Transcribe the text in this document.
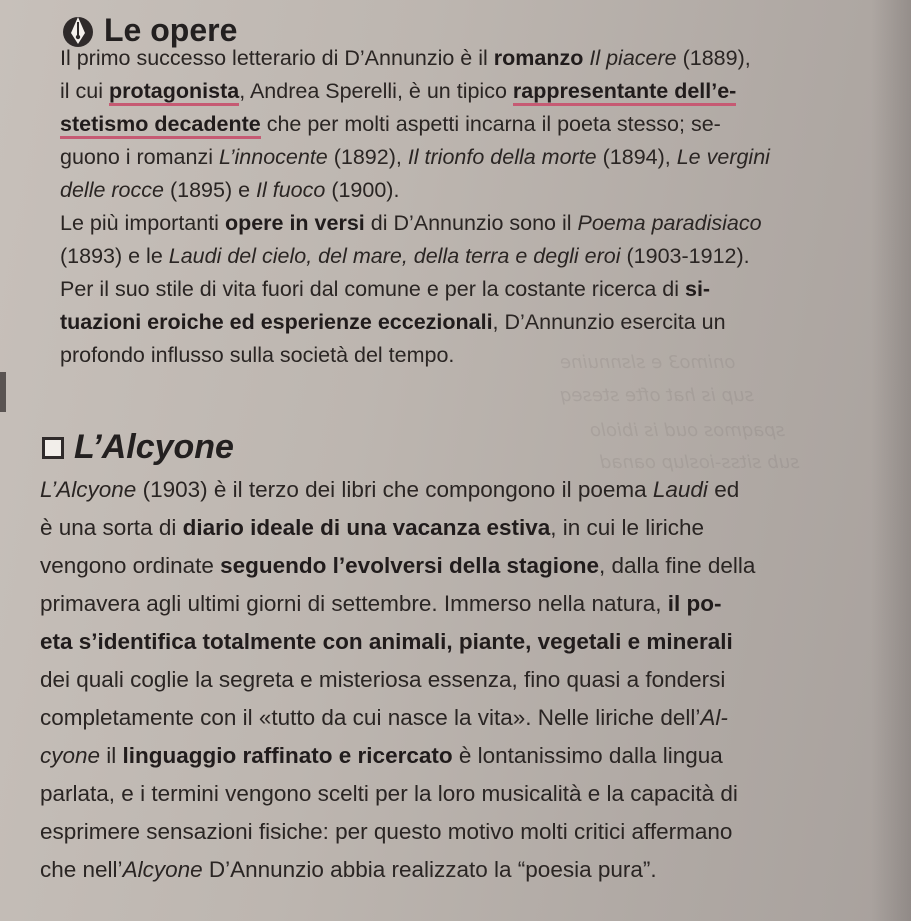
onimo3 e slsnnuine
sup is hat ofte steseq
spaqmos oud is ibiolo
sub sitss-ioslup oanad
Le opere
Il primo successo letterario di D’Annunzio è il romanzo Il piacere (1889),
il cui protagonista, Andrea Sperelli, è un tipico rappresentante dell’e-
stetismo decadente che per molti aspetti incarna il poeta stesso; se-
guono i romanzi L’innocente (1892), Il trionfo della morte (1894), Le vergini
delle rocce (1895) e Il fuoco (1900).
Le più importanti opere in versi di D’Annunzio sono il Poema paradisiaco
(1893) e le Laudi del cielo, del mare, della terra e degli eroi (1903-1912).
Per il suo stile di vita fuori dal comune e per la costante ricerca di si-
tuazioni eroiche ed esperienze eccezionali, D’Annunzio esercita un
profondo influsso sulla società del tempo.
L’Alcyone
L’Alcyone (1903) è il terzo dei libri che compongono il poema Laudi ed
è una sorta di diario ideale di una vacanza estiva, in cui le liriche
vengono ordinate seguendo l’evolversi della stagione, dalla fine della
primavera agli ultimi giorni di settembre. Immerso nella natura, il po-
eta s’identifica totalmente con animali, piante, vegetali e minerali
dei quali coglie la segreta e misteriosa essenza, fino quasi a fondersi
completamente con il «tutto da cui nasce la vita». Nelle liriche dell’Al-
cyone il linguaggio raffinato e ricercato è lontanissimo dalla lingua
parlata, e i termini vengono scelti per la loro musicalità e la capacità di
esprimere sensazioni fisiche: per questo motivo molti critici affermano
che nell’Alcyone D’Annunzio abbia realizzato la “poesia pura”.
